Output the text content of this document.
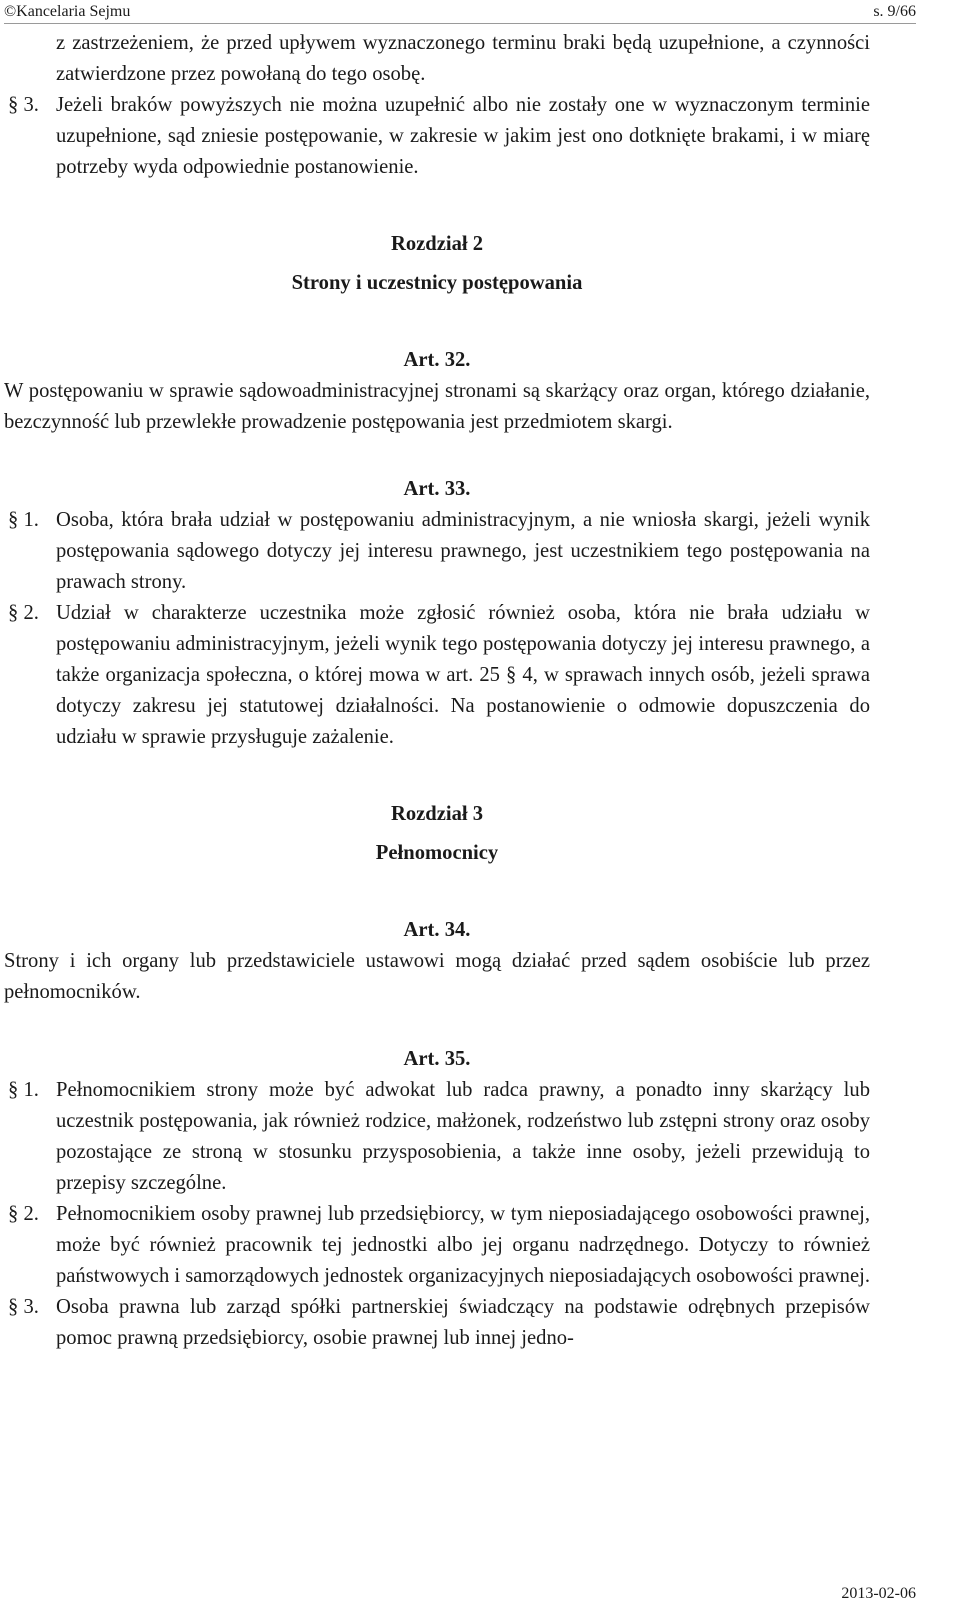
©Kancelaria Sejmu	s. 9/66

z zastrzeżeniem, że przed upływem wyznaczonego terminu braki będą uzupełnione, a czynności zatwierdzone przez powołaną do tego osobę.

§ 3. Jeżeli braków powyższych nie można uzupełnić albo nie zostały one w wyznaczonym terminie uzupełnione, sąd zniesie postępowanie, w zakresie w jakim jest ono dotknięte brakami, i w miarę potrzeby wyda odpowiednie postanowienie.

Rozdział 2

Strony i uczestnicy postępowania

Art. 32.

W postępowaniu w sprawie sądowoadministracyjnej stronami są skarżący oraz organ, którego działanie, bezczynność lub przewlekłe prowadzenie postępowania jest przedmiotem skargi.

Art. 33.

§ 1. Osoba, która brała udział w postępowaniu administracyjnym, a nie wniosła skargi, jeżeli wynik postępowania sądowego dotyczy jej interesu prawnego, jest uczestnikiem tego postępowania na prawach strony.

§ 2. Udział w charakterze uczestnika może zgłosić również osoba, która nie brała udziału w postępowaniu administracyjnym, jeżeli wynik tego postępowania dotyczy jej interesu prawnego, a także organizacja społeczna, o której mowa w art. 25 § 4, w sprawach innych osób, jeżeli sprawa dotyczy zakresu jej statutowej działalności. Na postanowienie o odmowie dopuszczenia do udziału w sprawie przysługuje zażalenie.

Rozdział 3

Pełnomocnicy

Art. 34.

Strony i ich organy lub przedstawiciele ustawowi mogą działać przed sądem osobiście lub przez pełnomocników.

Art. 35.

§ 1. Pełnomocnikiem strony może być adwokat lub radca prawny, a ponadto inny skarżący lub uczestnik postępowania, jak również rodzice, małżonek, rodzeństwo lub zstępni strony oraz osoby pozostające ze stroną w stosunku przysposobienia, a także inne osoby, jeżeli przewidują to przepisy szczególne.

§ 2. Pełnomocnikiem osoby prawnej lub przedsiębiorcy, w tym nieposiadającego osobowości prawnej, może być również pracownik tej jednostki albo jej organu nadrzędnego. Dotyczy to również państwowych i samorządowych jednostek organizacyjnych nieposiadających osobowości prawnej.

§ 3. Osoba prawna lub zarząd spółki partnerskiej świadczący na podstawie odrębnych przepisów pomoc prawną przedsiębiorcy, osobie prawnej lub innej jedno-

2013-02-06
